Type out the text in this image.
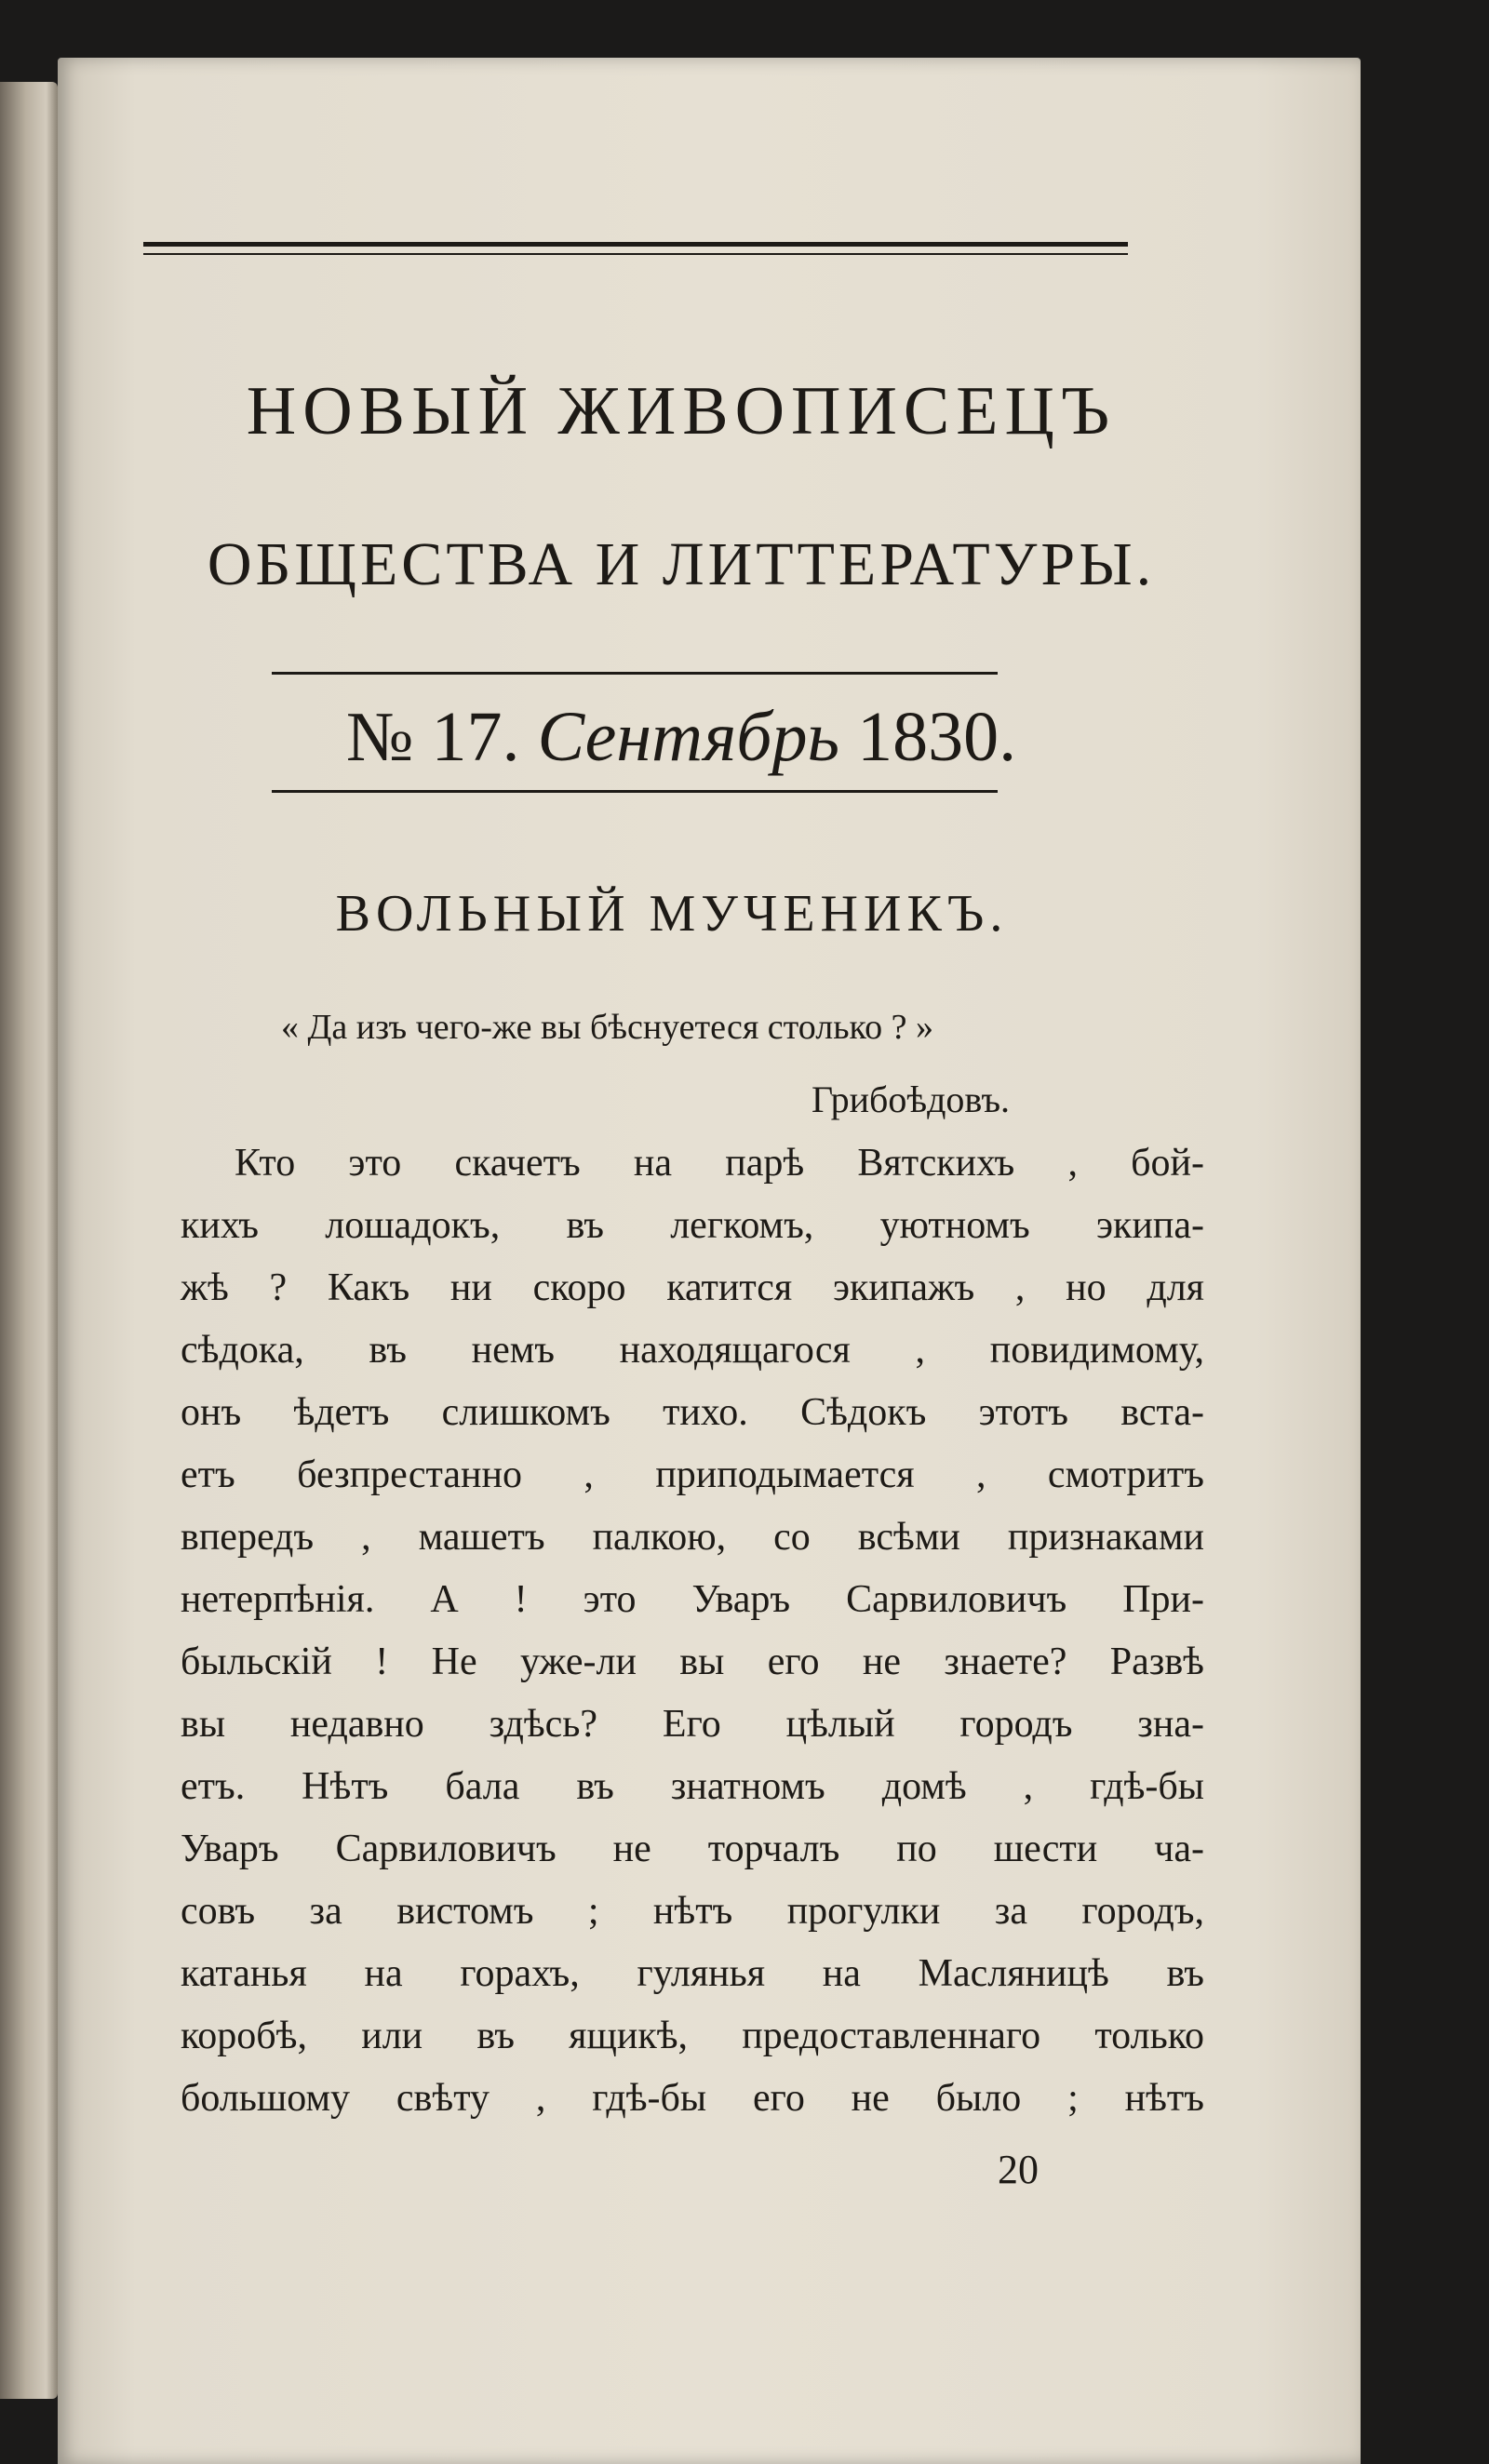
НОВЫЙ ЖИВОПИСЕЦЪ
ОБЩЕСТВА И ЛИТТЕРАТУРЫ.
№ 17. Сентябрь 1830.
ВОЛЬНЫЙ МУЧЕНИКЪ.
« Да изъ чего-же вы бѣснуетеся столько ? »
Грибоѣдовъ.
Кто это скачетъ на парѣ Вятскихъ , бой-
кихъ лошадокъ, въ легкомъ, уютномъ экипа-
жѣ ? Какъ ни скоро катится экипажъ , но для
сѣдока, въ немъ находящагося , повидимому,
онъ ѣдетъ слишкомъ тихо. Сѣдокъ этотъ вста-
етъ безпрестанно , приподымается , смотритъ
впередъ , машетъ палкою, со всѣми признаками
нетерпѣнія. А ! это Уваръ Сарвиловичъ При-
быльскій ! Не уже-ли вы его не знаете? Развѣ
вы недавно здѣсь? Его цѣлый городъ зна-
етъ. Нѣтъ бала въ знатномъ домѣ , гдѣ-бы
Уваръ Сарвиловичъ не торчалъ по шести ча-
совъ за вистомъ ; нѣтъ прогулки за городъ,
катанья на горахъ, гулянья на Масляницѣ въ
коробѣ, или въ ящикѣ, предоставленнаго только
большому свѣту , гдѣ-бы его не было ; нѣтъ
20
